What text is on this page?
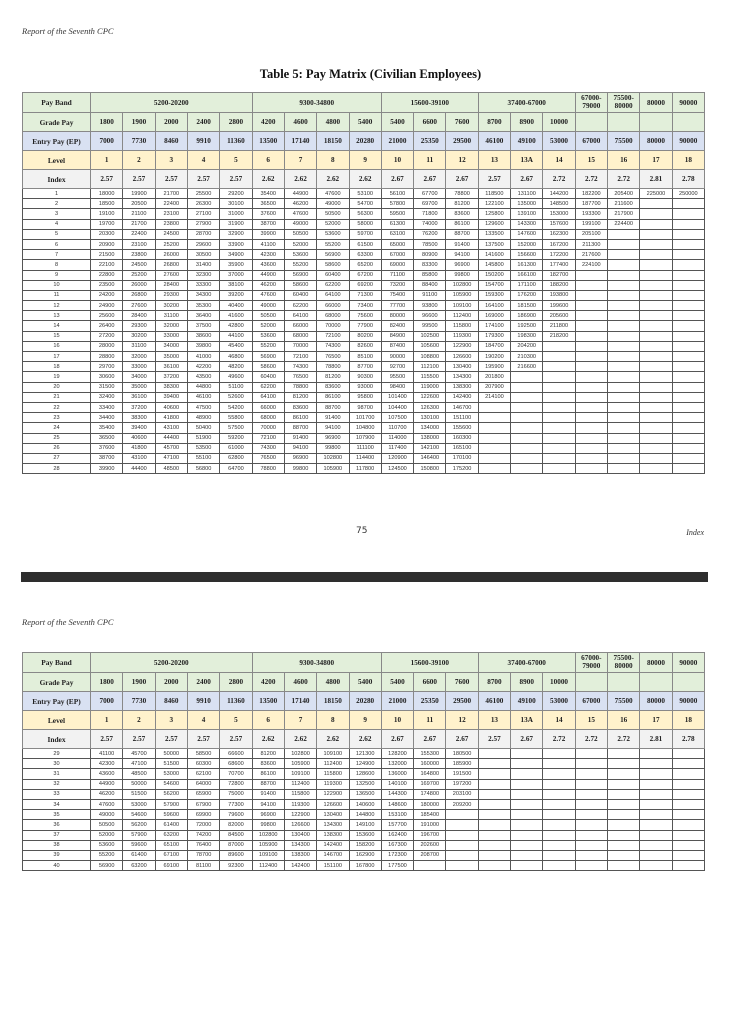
Report of the Seventh CPC
Table 5: Pay Matrix (Civilian Employees)
Pay Band	5200-20200					9300-34800				15600-39100			37400-67000			67000-79000	75500-80000	80000	90000
Grade Pay	1800	1900	2000	2400	2800	4200	4600	4800	5400	5400	6600	7600	8700	8900	10000				
Entry Pay (EP)	7000	7730	8460	9910	11360	13500	17140	18150	20280	21000	25350	29500	46100	49100	53000	67000	75500	80000	90000
Level	1	2	3	4	5	6	7	8	9	10	11	12	13	13A	14	15	16	17	18
Index	2.57	2.57	2.57	2.57	2.57	2.62	2.62	2.62	2.62	2.67	2.67	2.67	2.57	2.67	2.72	2.72	2.72	2.81	2.78
1	18000	19900	21700	25500	29200	35400	44900	47600	53100	56100	67700	78800	118500	131100	144200	182200	205400	225000	250000
2	18500	20500	22400	26300	30100	36500	46200	49000	54700	57800	69700	81200	122100	135000	148500	187700	211600		
3	19100	21100	23100	27100	31000	37600	47600	50500	56300	59500	71800	83600	125800	139100	153000	193300	217900		
4	19700	21700	23800	27900	31900	38700	49000	52000	58000	61300	74000	86100	129600	143300	157600	199100	224400		
5	20300	22400	24500	28700	32900	39900	50500	53600	59700	63100	76200	88700	133500	147600	162300	205100			
6	20900	23100	25200	29600	33900	41100	52000	55200	61500	65000	78500	91400	137500	152000	167200	211300			
7	21500	23800	26000	30500	34900	42300	53600	56900	63300	67000	80900	94100	141600	156600	172200	217600			
8	22100	24500	26800	31400	35900	43600	55200	58600	65200	69000	83300	96900	145800	161300	177400	224100			
9	22800	25200	27600	32300	37000	44900	56900	60400	67200	71100	85800	99800	150200	166100	182700				
10	23500	26000	28400	33300	38100	46200	58600	62200	69200	73200	88400	102800	154700	171100	188200				
11	24200	26800	29300	34300	39200	47600	60400	64100	71300	75400	91100	105900	159300	176200	193800				
12	24900	27600	30200	35300	40400	49000	62200	66000	73400	77700	93800	109100	164100	181500	199600				
13	25600	28400	31100	36400	41600	50500	64100	68000	75600	80000	96600	112400	169000	186900	205600				
14	26400	29300	32000	37500	42800	52000	66000	70000	77900	82400	99500	115800	174100	192500	211800				
15	27200	30200	33000	38600	44100	53600	68000	72100	80200	84900	102500	119300	179300	198300	218200				
16	28000	31100	34000	39800	45400	55200	70000	74300	82600	87400	105600	122900	184700	204200					
17	28800	32000	35000	41000	46800	56900	72100	76500	85100	90000	108800	126600	190200	210300					
18	29700	33000	36100	42200	48200	58600	74300	78800	87700	92700	112100	130400	195900	216600					
19	30600	34000	37200	43500	49600	60400	76500	81200	90300	95500	115500	134300	201800						
20	31500	35000	38300	44800	51100	62200	78800	83600	93000	98400	119000	138300	207900						
21	32400	36100	39400	46100	52600	64100	81200	86100	95800	101400	122600	142400	214100						
22	33400	37200	40600	47500	54200	66000	83600	88700	98700	104400	126300	146700							
23	34400	38300	41800	48900	55800	68000	86100	91400	101700	107500	130100	151100							
24	35400	39400	43100	50400	57500	70000	88700	94100	104800	110700	134000	155600							
25	36500	40600	44400	51900	59200	72100	91400	96900	107900	114000	138000	160300							
26	37600	41800	45700	53500	61000	74300	94100	99800	111100	117400	142100	165100							
27	38700	43100	47100	55100	62800	76500	96900	102800	114400	120900	146400	170100							
28	39900	44400	48500	56800	64700	78800	99800	105900	117800	124500	150800	175200							
75	Index
Report of the Seventh CPC
Pay Band	5200-20200					9300-34800				15600-39100			37400-67000			67000-79000	75500-80000	80000	90000
Grade Pay	1800	1900	2000	2400	2800	4200	4600	4800	5400	5400	6600	7600	8700	8900	10000				
Entry Pay (EP)	7000	7730	8460	9910	11360	13500	17140	18150	20280	21000	25350	29500	46100	49100	53000	67000	75500	80000	90000
Level	1	2	3	4	5	6	7	8	9	10	11	12	13	13A	14	15	16	17	18
Index	2.57	2.57	2.57	2.57	2.57	2.62	2.62	2.62	2.62	2.67	2.67	2.67	2.57	2.67	2.72	2.72	2.72	2.81	2.78
29	41100	45700	50000	58500	66600	81200	102800	109100	121300	128200	155300	180500							
30	42300	47100	51500	60300	68600	83600	105900	112400	124900	132000	160000	185900							
31	43600	48500	53000	62100	70700	86100	109100	115800	128600	136000	164800	191500							
32	44900	50000	54600	64000	72800	88700	112400	119300	132500	140100	169700	197200							
33	46200	51500	56200	65900	75000	91400	115800	122900	136500	144300	174800	203100							
34	47600	53000	57900	67900	77300	94100	119300	126600	140600	148600	180000	209200							
35	49000	54600	59600	69900	79600	96900	122900	130400	144800	153100	185400								
36	50500	56200	61400	72000	82000	99800	126600	134300	149100	157700	191000								
37	52000	57900	63200	74200	84500	102800	130400	138300	153600	162400	196700								
38	53600	59600	65100	76400	87000	105900	134300	142400	158200	167300	202600								
39	55200	61400	67100	78700	89600	109100	138300	146700	162900	172300	208700								
40	56900	63200	69100	81100	92300	112400	142400	151100	167800	177500									
